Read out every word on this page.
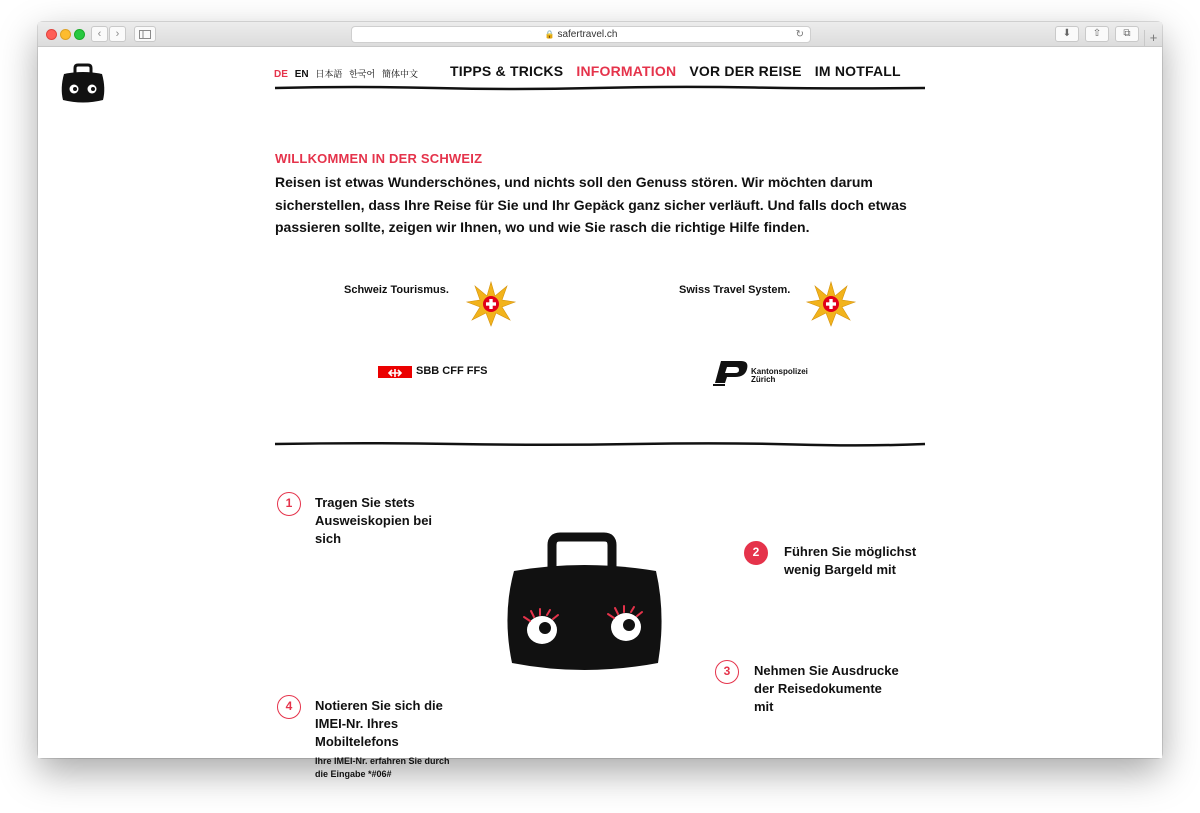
‹	›	🔒 safertravel.ch	↻	⬇	⇧	⧉	+
DE EN 日本語 한국어 簡体中文 TIPPS & TRICKS INFORMATION VOR DER REISE IM NOTFALL
WILLKOMMEN IN DER SCHWEIZ
Reisen ist etwas Wunderschönes, und nichts soll den Genuss stören. Wir möchten darum sicherstellen, dass Ihre Reise für Sie und Ihr Gepäck ganz sicher verläuft. Und falls doch etwas passieren sollte, zeigen wir Ihnen, wo und wie Sie rasch die richtige Hilfe finden.
Schweiz Tourismus.	Swiss Travel System.
SBB CFF FFS	Kantonspolizei
Zürich
1	Tragen Sie stets Ausweiskopien bei sich
2	Führen Sie möglichst wenig Bargeld mit
3	Nehmen Sie Ausdrucke der Reisedokumente mit
4	Notieren Sie sich die IMEI-Nr. Ihres Mobiltelefons
Ihre IMEI-Nr. erfahren Sie durch die Eingabe *#06#
